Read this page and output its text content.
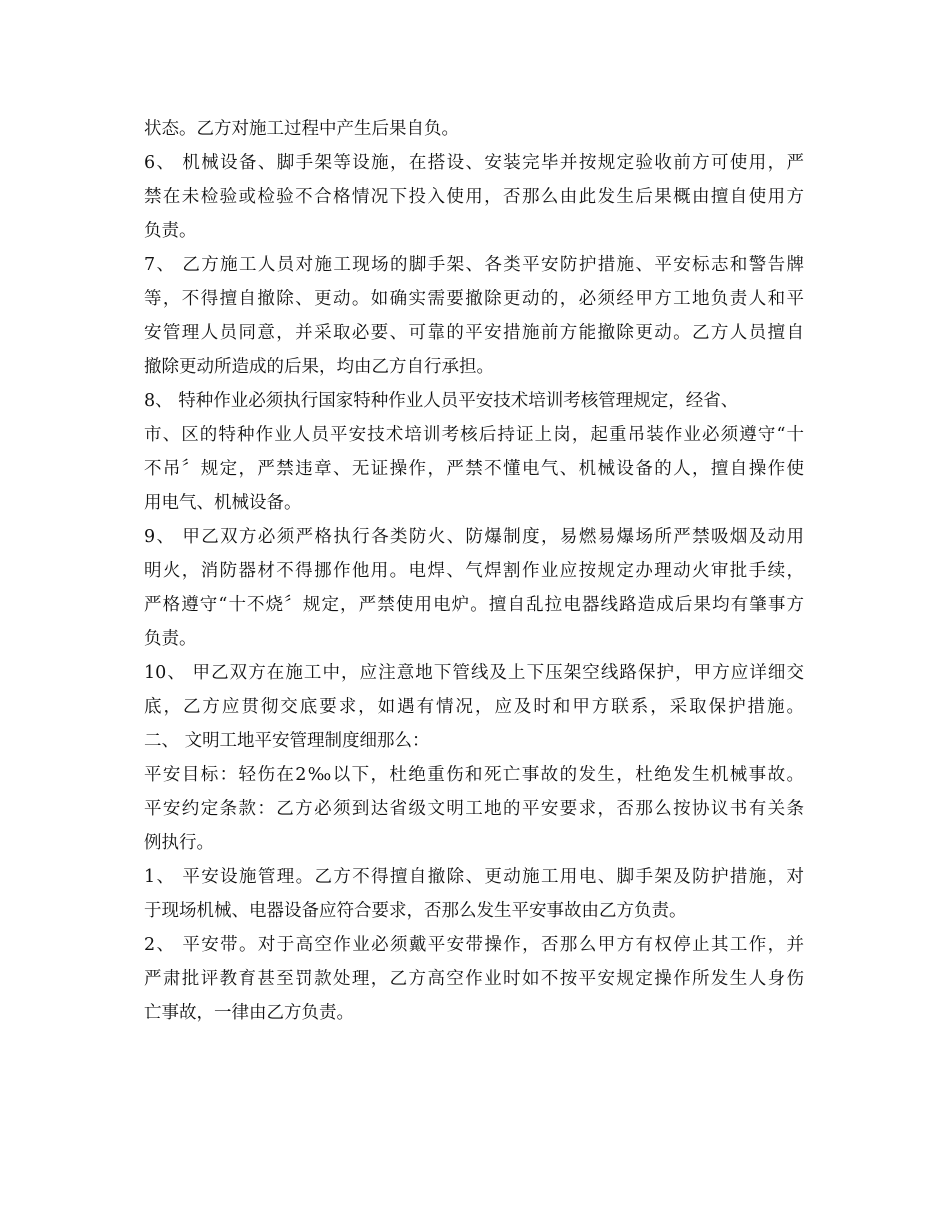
状态。乙方对施工过程中产生后果自负。
6、 机械设备、脚手架等设施，在搭设、安装完毕并按规定验收前方可使用，严
禁在未检验或检验不合格情况下投入使用，否那么由此发生后果概由擅自使用方
负责。
7、 乙方施工人员对施工现场的脚手架、各类平安防护措施、平安标志和警告牌
等，不得擅自撤除、更动。如确实需要撤除更动的，必须经甲方工地负责人和平
安管理人员同意，并采取必要、可靠的平安措施前方能撤除更动。乙方人员擅自
撤除更动所造成的后果，均由乙方自行承担。
8、 特种作业必须执行国家特种作业人员平安技术培训考核管理规定，经省、
市、区的特种作业人员平安技术培训考核后持证上岗，起重吊装作业必须遵守“十
不吊〞规定，严禁违章、无证操作，严禁不懂电气、机械设备的人，擅自操作使
用电气、机械设备。
9、 甲乙双方必须严格执行各类防火、防爆制度，易燃易爆场所严禁吸烟及动用
明火，消防器材不得挪作他用。电焊、气焊割作业应按规定办理动火审批手续，
严格遵守“十不烧〞规定，严禁使用电炉。擅自乱拉电器线路造成后果均有肇事方
负责。
10、 甲乙双方在施工中，应注意地下管线及上下压架空线路保护，甲方应详细交
底，乙方应贯彻交底要求，如遇有情况，应及时和甲方联系，采取保护措施。
二、 文明工地平安管理制度细那么：
平安目标：轻伤在2‰以下，杜绝重伤和死亡事故的发生，杜绝发生机械事故。
平安约定条款：乙方必须到达省级文明工地的平安要求，否那么按协议书有关条
例执行。
1、 平安设施管理。乙方不得擅自撤除、更动施工用电、脚手架及防护措施，对
于现场机械、电器设备应符合要求，否那么发生平安事故由乙方负责。
2、 平安带。对于高空作业必须戴平安带操作，否那么甲方有权停止其工作，并
严肃批评教育甚至罚款处理，乙方高空作业时如不按平安规定操作所发生人身伤
亡事故，一律由乙方负责。
